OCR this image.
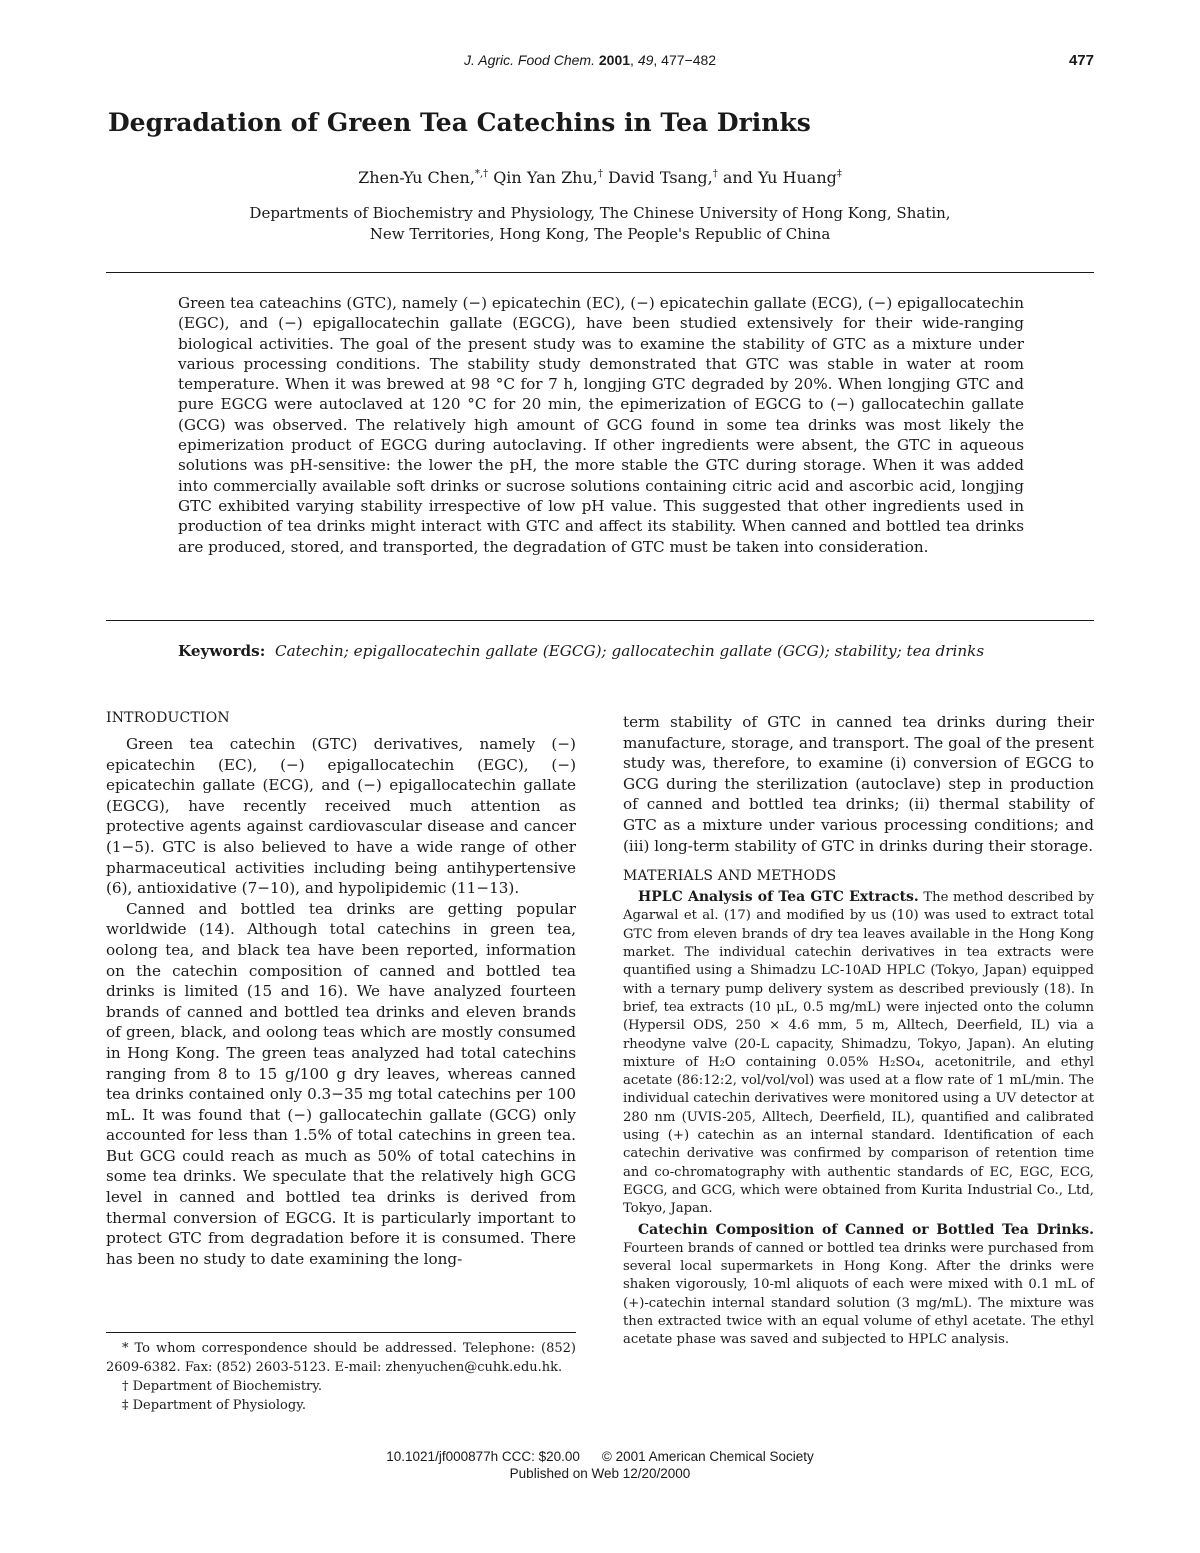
J. Agric. Food Chem. 2001, 49, 477−482	477
Degradation of Green Tea Catechins in Tea Drinks
Zhen-Yu Chen,*,† Qin Yan Zhu,† David Tsang,† and Yu Huang‡
Departments of Biochemistry and Physiology, The Chinese University of Hong Kong, Shatin,
New Territories, Hong Kong, The People's Republic of China
Green tea cateachins (GTC), namely (−) epicatechin (EC), (−) epicatechin gallate (ECG), (−) epigallocatechin (EGC), and (−) epigallocatechin gallate (EGCG), have been studied extensively for their wide-ranging biological activities. The goal of the present study was to examine the stability of GTC as a mixture under various processing conditions. The stability study demonstrated that GTC was stable in water at room temperature. When it was brewed at 98 °C for 7 h, longjing GTC degraded by 20%. When longjing GTC and pure EGCG were autoclaved at 120 °C for 20 min, the epimerization of EGCG to (−) gallocatechin gallate (GCG) was observed. The relatively high amount of GCG found in some tea drinks was most likely the epimerization product of EGCG during autoclaving. If other ingredients were absent, the GTC in aqueous solutions was pH-sensitive: the lower the pH, the more stable the GTC during storage. When it was added into commercially available soft drinks or sucrose solutions containing citric acid and ascorbic acid, longjing GTC exhibited varying stability irrespective of low pH value. This suggested that other ingredients used in production of tea drinks might interact with GTC and affect its stability. When canned and bottled tea drinks are produced, stored, and transported, the degradation of GTC must be taken into consideration.
Keywords: Catechin; epigallocatechin gallate (EGCG); gallocatechin gallate (GCG); stability; tea drinks

INTRODUCTION

Green tea catechin (GTC) derivatives, namely (−) epicatechin (EC), (−) epigallocatechin (EGC), (−) epicatechin gallate (ECG), and (−) epigallocatechin gallate (EGCG), have recently received much attention as protective agents against cardiovascular disease and cancer (1−5). GTC is also believed to have a wide range of other pharmaceutical activities including being antihypertensive (6), antioxidative (7−10), and hypolipidemic (11−13).

Canned and bottled tea drinks are getting popular worldwide (14). Although total catechins in green tea, oolong tea, and black tea have been reported, information on the catechin composition of canned and bottled tea drinks is limited (15 and 16). We have analyzed fourteen brands of canned and bottled tea drinks and eleven brands of green, black, and oolong teas which are mostly consumed in Hong Kong. The green teas analyzed had total catechins ranging from 8 to 15 g/100 g dry leaves, whereas canned tea drinks contained only 0.3−35 mg total catechins per 100 mL. It was found that (−) gallocatechin gallate (GCG) only accounted for less than 1.5% of total catechins in green tea. But GCG could reach as much as 50% of total catechins in some tea drinks. We speculate that the relatively high GCG level in canned and bottled tea drinks is derived from thermal conversion of EGCG. It is particularly important to protect GTC from degradation before it is consumed. There has been no study to date examining the long-

term stability of GTC in canned tea drinks during their manufacture, storage, and transport. The goal of the present study was, therefore, to examine (i) conversion of EGCG to GCG during the sterilization (autoclave) step in production of canned and bottled tea drinks; (ii) thermal stability of GTC as a mixture under various processing conditions; and (iii) long-term stability of GTC in drinks during their storage.

MATERIALS AND METHODS

HPLC Analysis of Tea GTC Extracts. The method described by Agarwal et al. (17) and modified by us (10) was used to extract total GTC from eleven brands of dry tea leaves available in the Hong Kong market. The individual catechin derivatives in tea extracts were quantified using a Shimadzu LC-10AD HPLC (Tokyo, Japan) equipped with a ternary pump delivery system as described previously (18). In brief, tea extracts (10 μL, 0.5 mg/mL) were injected onto the column (Hypersil ODS, 250 × 4.6 mm, 5 m, Alltech, Deerfield, IL) via a rheodyne valve (20-L capacity, Shimadzu, Tokyo, Japan). An eluting mixture of H₂O containing 0.05% H₂SO₄, acetonitrile, and ethyl acetate (86:12:2, vol/vol/vol) was used at a flow rate of 1 mL/min. The individual catechin derivatives were monitored using a UV detector at 280 nm (UVIS-205, Alltech, Deerfield, IL), quantified and calibrated using (+) catechin as an internal standard. Identification of each catechin derivative was confirmed by comparison of retention time and co-chromatography with authentic standards of EC, EGC, ECG, EGCG, and GCG, which were obtained from Kurita Industrial Co., Ltd, Tokyo, Japan.

Catechin Composition of Canned or Bottled Tea Drinks. Fourteen brands of canned or bottled tea drinks were purchased from several local supermarkets in Hong Kong. After the drinks were shaken vigorously, 10-ml aliquots of each were mixed with 0.1 mL of (+)-catechin internal standard solution (3 mg/mL). The mixture was then extracted twice with an equal volume of ethyl acetate. The ethyl acetate phase was saved and subjected to HPLC analysis.

* To whom correspondence should be addressed. Telephone: (852) 2609-6382. Fax: (852) 2603-5123. E-mail: zhenyuchen@cuhk.edu.hk.

† Department of Biochemistry.

‡ Department of Physiology.

10.1021/jf000877h CCC: $20.00 © 2001 American Chemical Society
Published on Web 12/20/2000
